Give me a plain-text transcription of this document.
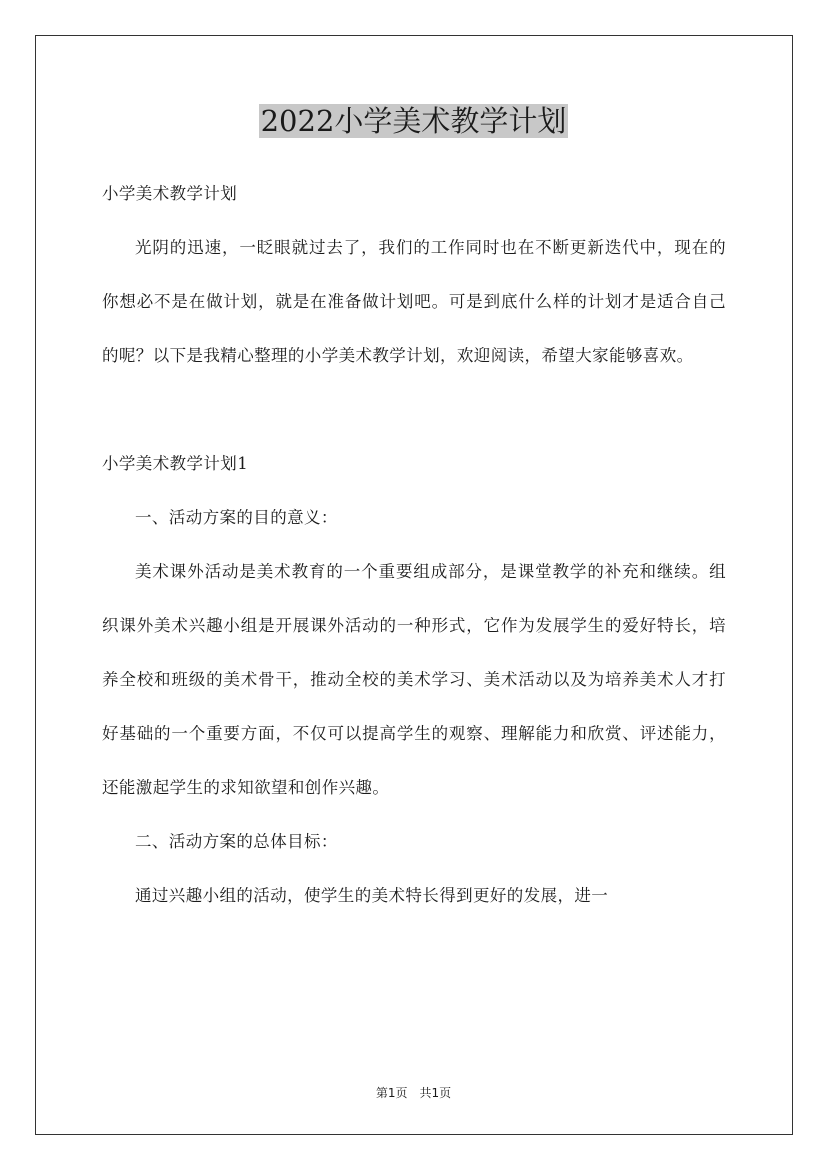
2022小学美术教学计划

小学美术教学计划

光阴的迅速，一眨眼就过去了，我们的工作同时也在不断更新迭代中，现在的你想必不是在做计划，就是在准备做计划吧。可是到底什么样的计划才是适合自己的呢？以下是我精心整理的小学美术教学计划，欢迎阅读，希望大家能够喜欢。

小学美术教学计划1

一、活动方案的目的意义：

美术课外活动是美术教育的一个重要组成部分，是课堂教学的补充和继续。组织课外美术兴趣小组是开展课外活动的一种形式，它作为发展学生的爱好特长，培养全校和班级的美术骨干，推动全校的美术学习、美术活动以及为培养美术人才打好基础的一个重要方面，不仅可以提高学生的观察、理解能力和欣赏、评述能力，还能激起学生的求知欲望和创作兴趣。

二、活动方案的总体目标：

通过兴趣小组的活动，使学生的美术特长得到更好的发展，进一

第1页　共1页
